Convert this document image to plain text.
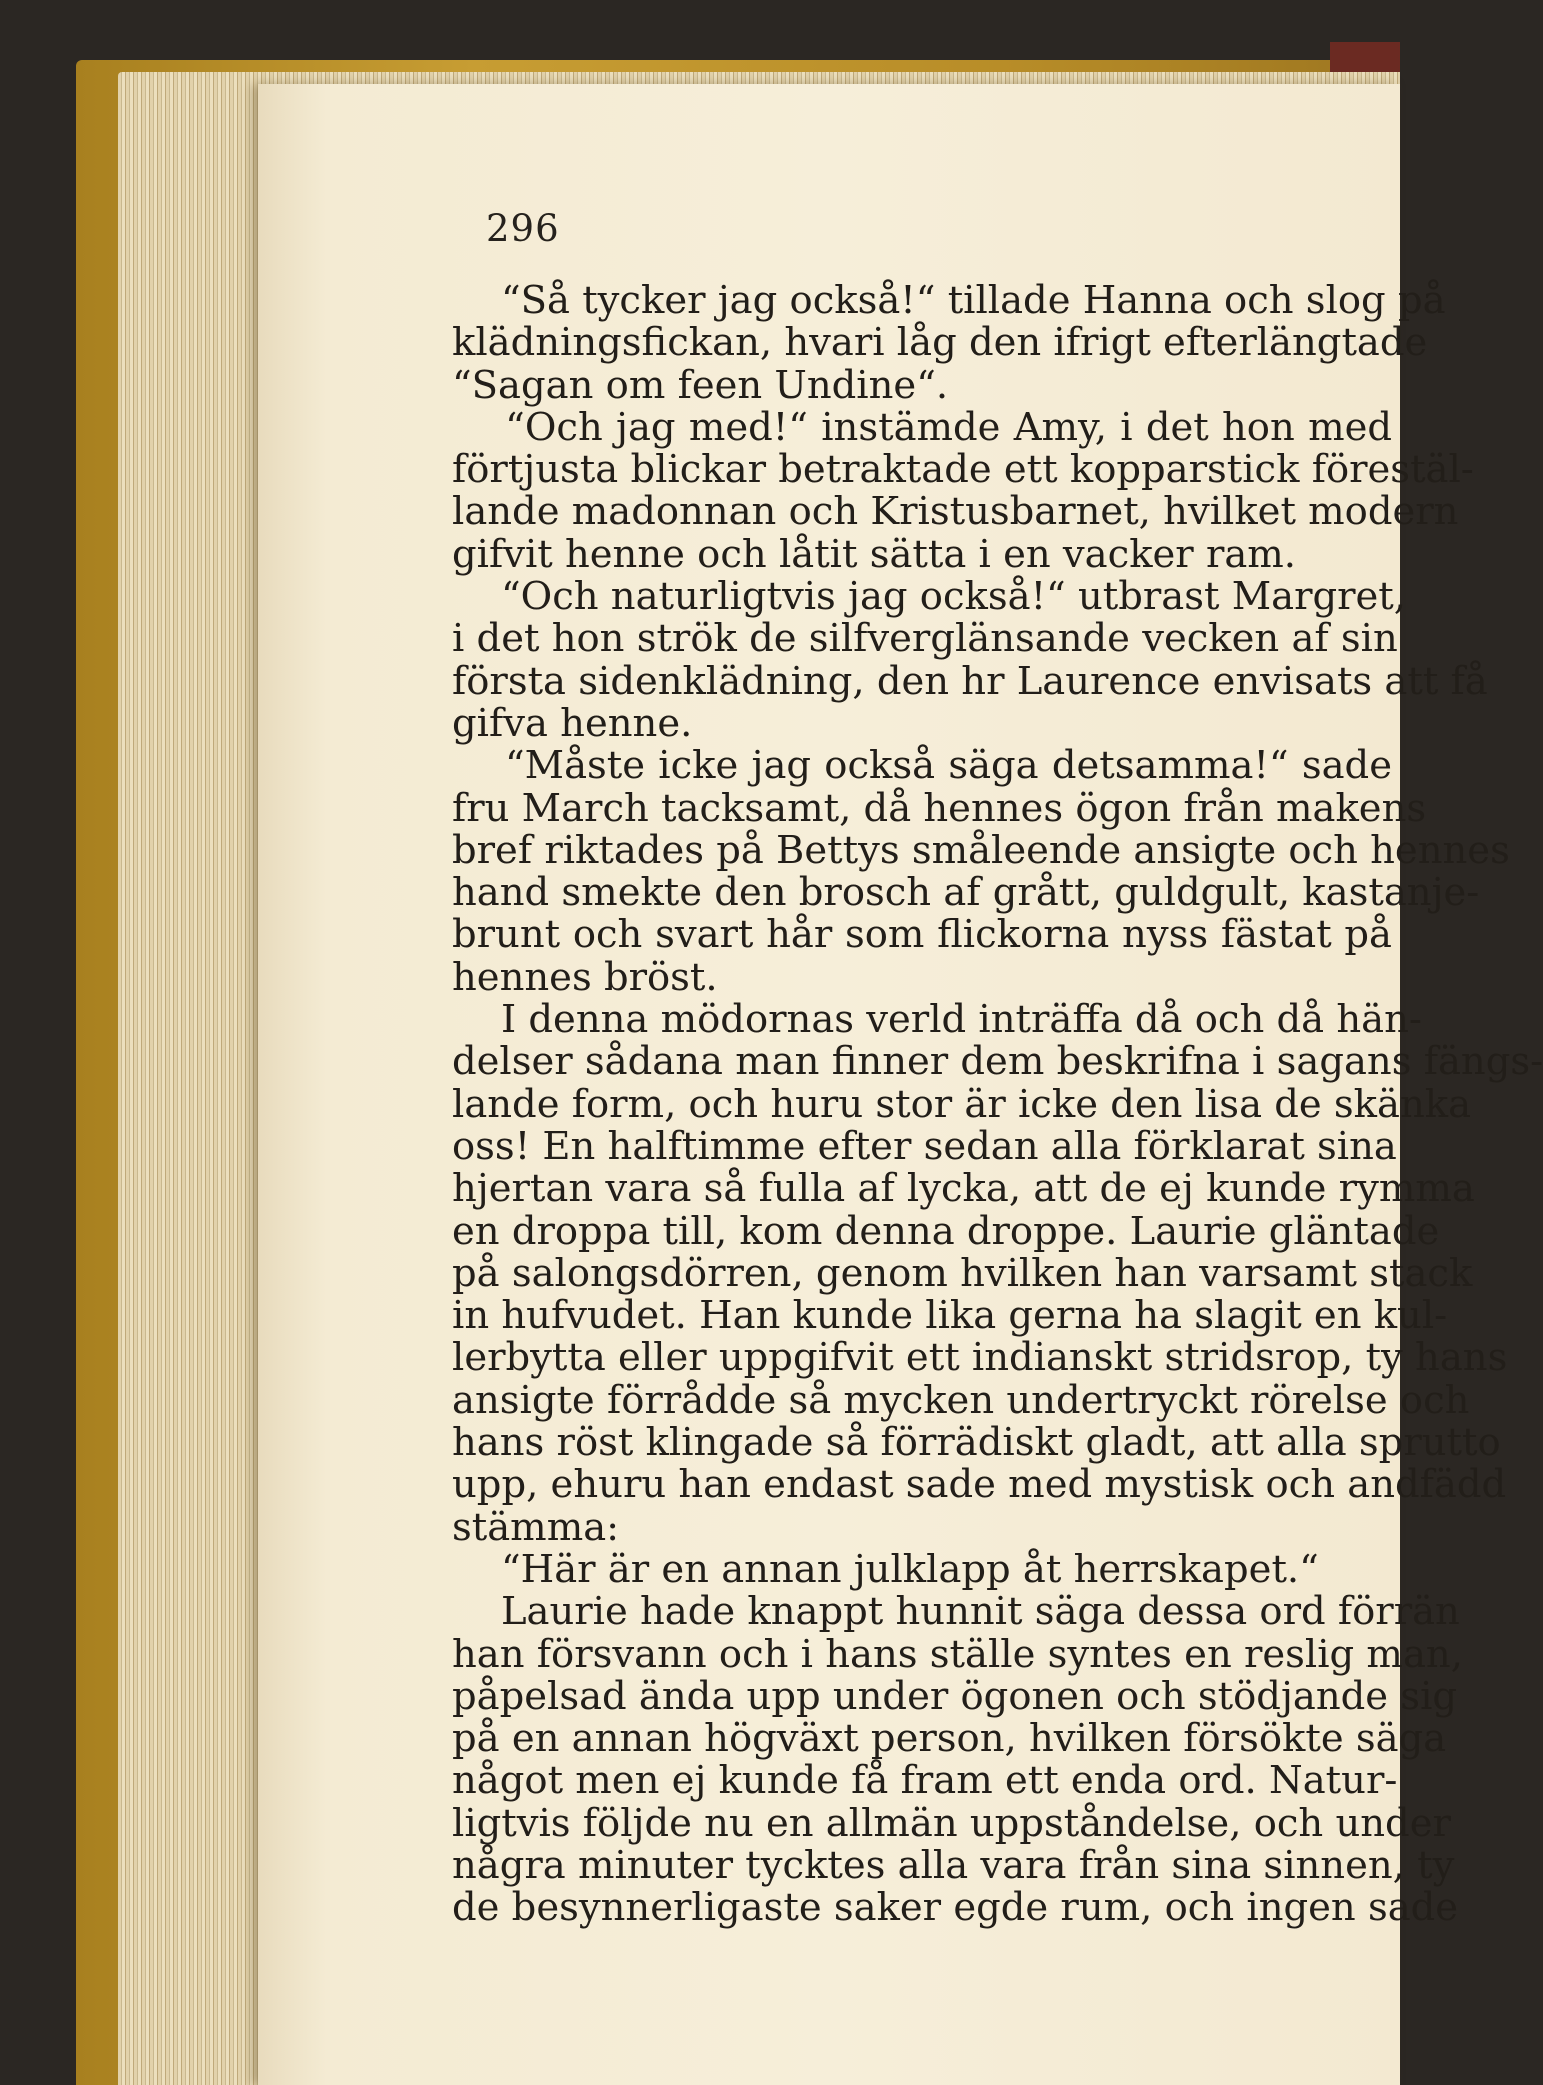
296
“Så tycker jag också!“ tillade Hanna och slog på
klädningsfickan, hvari låg den ifrigt efterlängtade
“Sagan om feen Undine“.
“Och jag med!“ instämde Amy, i det hon med
förtjusta blickar betraktade ett kopparstick förestäl-
lande madonnan och Kristusbarnet, hvilket modern
gifvit henne och låtit sätta i en vacker ram.
“Och naturligtvis jag också!“ utbrast Margret,
i det hon strök de silfverglänsande vecken af sin
första sidenklädning, den hr Laurence envisats att få
gifva henne.
“Måste icke jag också säga detsamma!“ sade
fru March tacksamt, då hennes ögon från makens
bref riktades på Bettys småleende ansigte och hennes
hand smekte den brosch af grått, guldgult, kastanje-
brunt och svart hår som flickorna nyss fästat på
hennes bröst.
I denna mödornas verld inträffa då och då hän-
delser sådana man finner dem beskrifna i sagans fängs-
lande form, och huru stor är icke den lisa de skänka
oss! En halftimme efter sedan alla förklarat sina
hjertan vara så fulla af lycka, att de ej kunde rymma
en droppa till, kom denna droppe. Laurie gläntade
på salongsdörren, genom hvilken han varsamt stack
in hufvudet. Han kunde lika gerna ha slagit en kul-
lerbytta eller uppgifvit ett indianskt stridsrop, ty hans
ansigte förrådde så mycken undertryckt rörelse och
hans röst klingade så förrädiskt gladt, att alla sprutto
upp, ehuru han endast sade med mystisk och andfädd
stämma:
“Här är en annan julklapp åt herrskapet.“
Laurie hade knappt hunnit säga dessa ord förrän
han försvann och i hans ställe syntes en reslig man,
påpelsad ända upp under ögonen och stödjande sig
på en annan högväxt person, hvilken försökte säga
något men ej kunde få fram ett enda ord. Natur-
ligtvis följde nu en allmän uppståndelse, och under
några minuter tycktes alla vara från sina sinnen, ty
de besynnerligaste saker egde rum, och ingen sade
